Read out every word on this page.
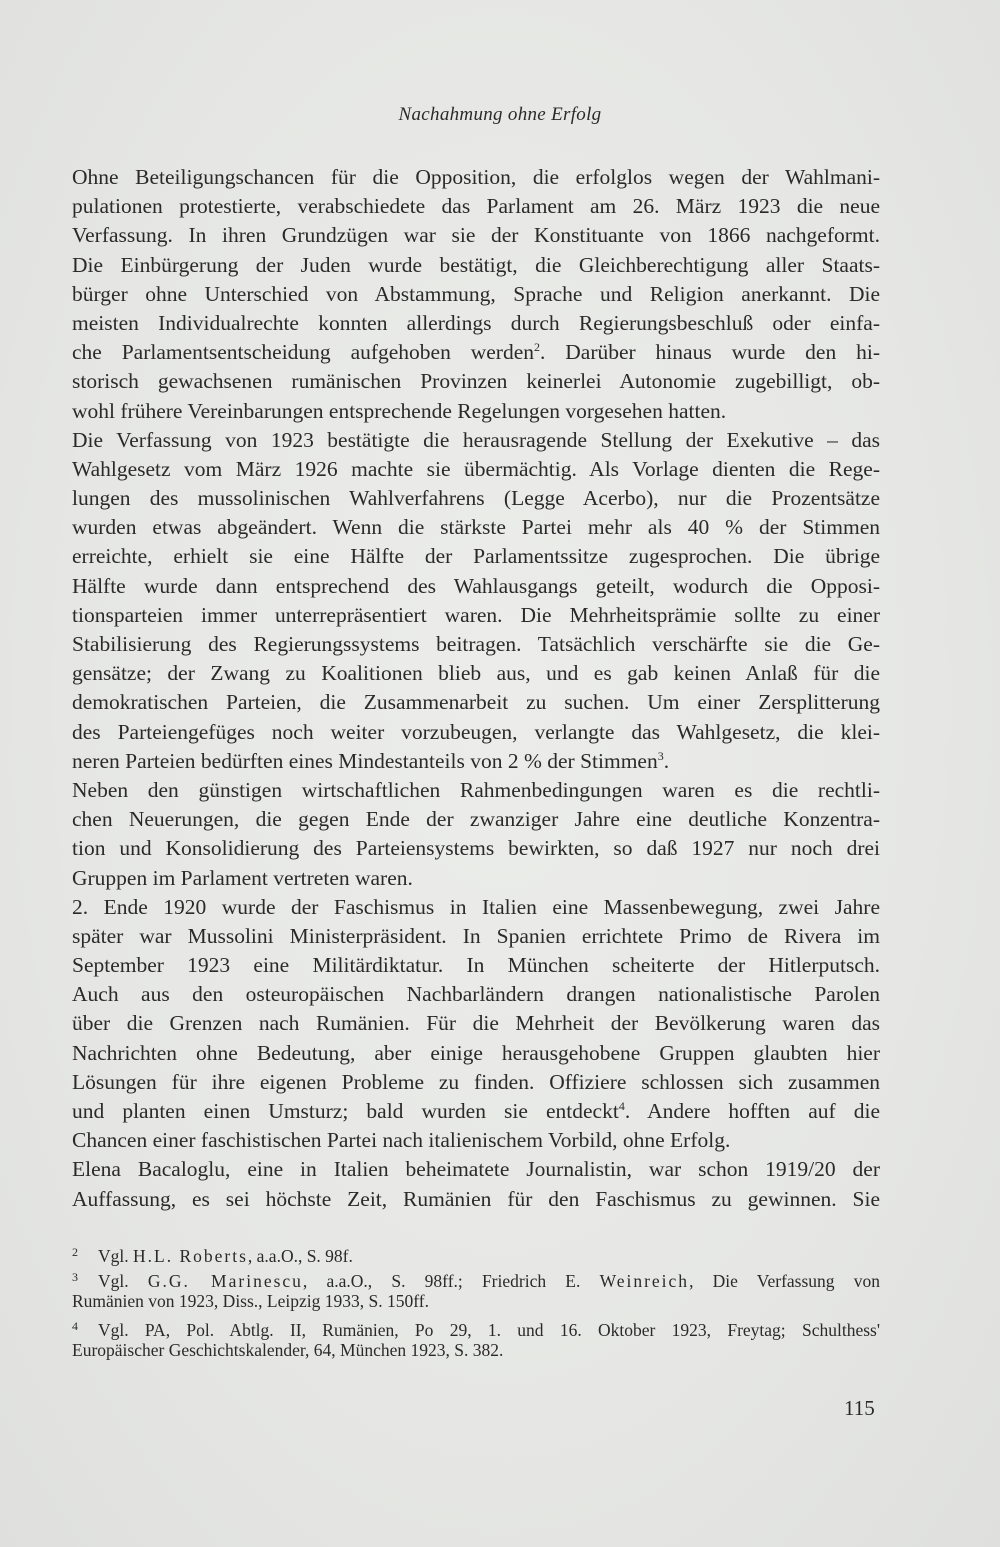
Nachahmung ohne Erfolg
Ohne Beteiligungschancen für die Opposition, die erfolglos wegen der Wahlmani-
pulationen protestierte, verabschiedete das Parlament am 26. März 1923 die neue
Verfassung. In ihren Grundzügen war sie der Konstituante von 1866 nachgeformt.
Die Einbürgerung der Juden wurde bestätigt, die Gleichberechtigung aller Staats-
bürger ohne Unterschied von Abstammung, Sprache und Religion anerkannt. Die
meisten Individualrechte konnten allerdings durch Regierungsbeschluß oder einfa-
che Parlamentsentscheidung aufgehoben werden$^2$. Darüber hinaus wurde den hi-
storisch gewachsenen rumänischen Provinzen keinerlei Autonomie zugebilligt, ob-
wohl frühere Vereinbarungen entsprechende Regelungen vorgesehen hatten.
Die Verfassung von 1923 bestätigte die herausragende Stellung der Exekutive – das
Wahlgesetz vom März 1926 machte sie übermächtig. Als Vorlage dienten die Rege-
lungen des mussolinischen Wahlverfahrens (Legge Acerbo), nur die Prozentsätze
wurden etwas abgeändert. Wenn die stärkste Partei mehr als 40 % der Stimmen
erreichte, erhielt sie eine Hälfte der Parlamentssitze zugesprochen. Die übrige
Hälfte wurde dann entsprechend des Wahlausgangs geteilt, wodurch die Opposi-
tionsparteien immer unterrepräsentiert waren. Die Mehrheitsprämie sollte zu einer
Stabilisierung des Regierungssystems beitragen. Tatsächlich verschärfte sie die Ge-
gensätze; der Zwang zu Koalitionen blieb aus, und es gab keinen Anlaß für die
demokratischen Parteien, die Zusammenarbeit zu suchen. Um einer Zersplitterung
des Parteiengefüges noch weiter vorzubeugen, verlangte das Wahlgesetz, die klei-
neren Parteien bedürften eines Mindestanteils von 2 % der Stimmen$^3$.
Neben den günstigen wirtschaftlichen Rahmenbedingungen waren es die rechtli-
chen Neuerungen, die gegen Ende der zwanziger Jahre eine deutliche Konzentra-
tion und Konsolidierung des Parteiensystems bewirkten, so daß 1927 nur noch drei
Gruppen im Parlament vertreten waren.
2. Ende 1920 wurde der Faschismus in Italien eine Massenbewegung, zwei Jahre
später war Mussolini Ministerpräsident. In Spanien errichtete Primo de Rivera im
September 1923 eine Militärdiktatur. In München scheiterte der Hitlerputsch.
Auch aus den osteuropäischen Nachbarländern drangen nationalistische Parolen
über die Grenzen nach Rumänien. Für die Mehrheit der Bevölkerung waren das
Nachrichten ohne Bedeutung, aber einige herausgehobene Gruppen glaubten hier
Lösungen für ihre eigenen Probleme zu finden. Offiziere schlossen sich zusammen
und planten einen Umsturz; bald wurden sie entdeckt$^4$. Andere hofften auf die
Chancen einer faschistischen Partei nach italienischem Vorbild, ohne Erfolg.
Elena Bacaloglu, eine in Italien beheimatete Journalistin, war schon 1919/20 der
Auffassung, es sei höchste Zeit, Rumänien für den Faschismus zu gewinnen. Sie
2 Vgl. H.L. Roberts, a.a.O., S. 98f.
3 Vgl. G.G. Marinescu, a.a.O., S. 98ff.; Friedrich E. Weinreich, Die Verfassung von
Rumänien von 1923, Diss., Leipzig 1933, S. 150ff.
4 Vgl. PA, Pol. Abtlg. II, Rumänien, Po 29, 1. und 16. Oktober 1923, Freytag; Schulthess'
Europäischer Geschichtskalender, 64, München 1923, S. 382.
115
